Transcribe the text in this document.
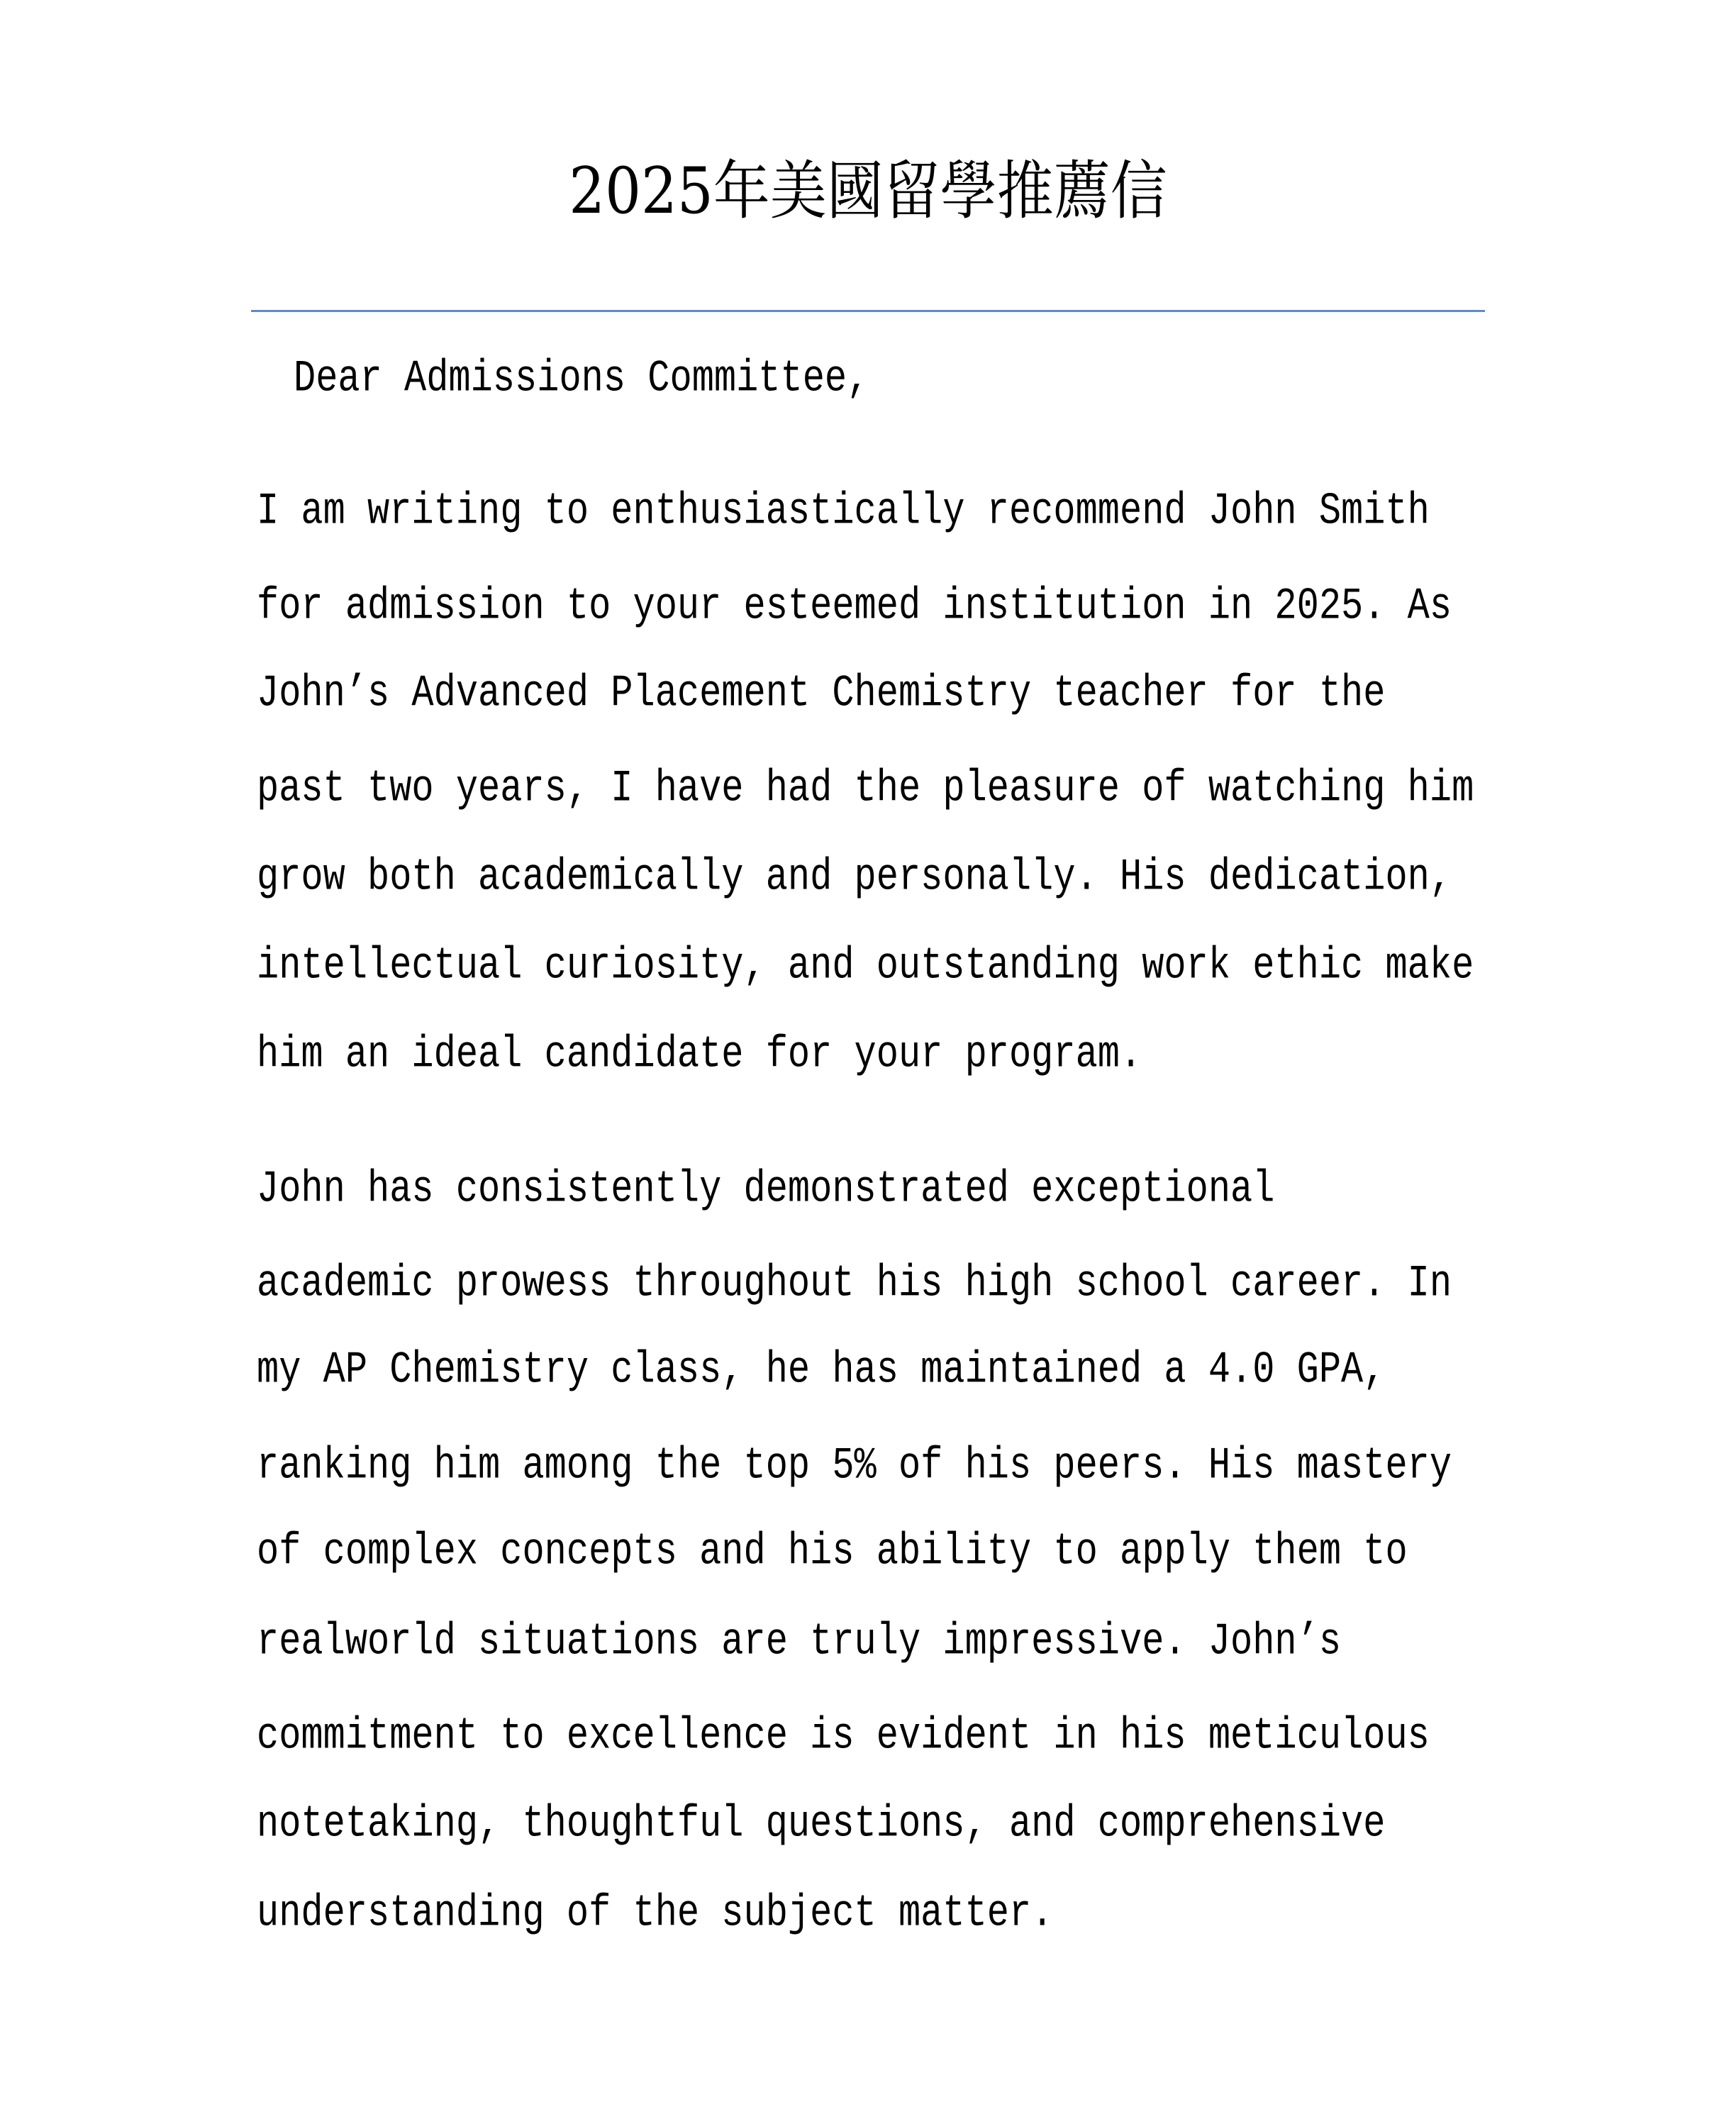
2025年美國留學推薦信
Dear Admissions Committee,
I am writing to enthusiastically recommend John Smith
for admission to your esteemed institution in 2025. As
John’s Advanced Placement Chemistry teacher for the
past two years, I have had the pleasure of watching him
grow both academically and personally. His dedication,
intellectual curiosity, and outstanding work ethic make
him an ideal candidate for your program.
John has consistently demonstrated exceptional
academic prowess throughout his high school career. In
my AP Chemistry class, he has maintained a 4.0 GPA,
ranking him among the top 5% of his peers. His mastery
of complex concepts and his ability to apply them to
realworld situations are truly impressive. John’s
commitment to excellence is evident in his meticulous
notetaking, thoughtful questions, and comprehensive
understanding of the subject matter.
